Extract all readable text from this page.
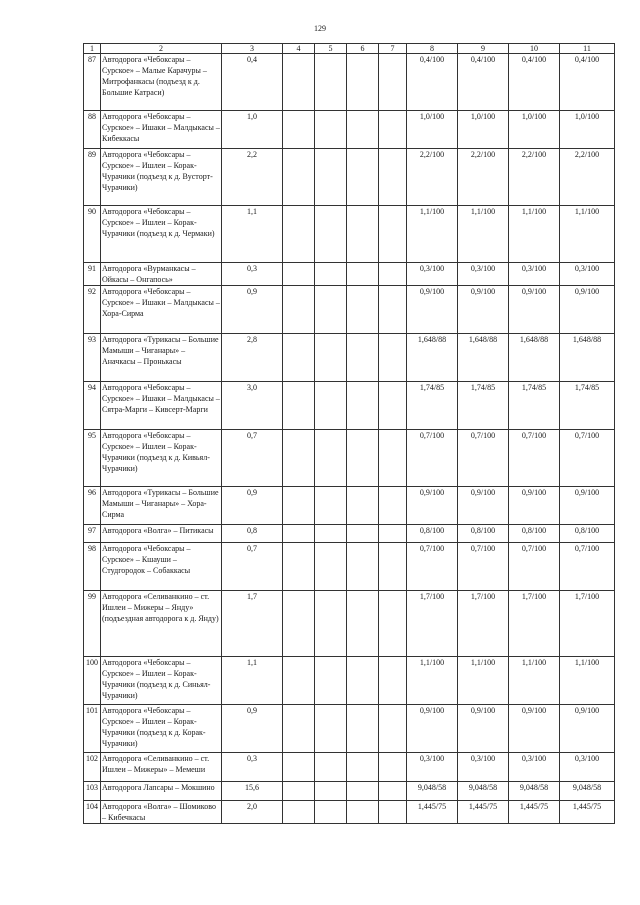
129
1	2	3	4	5	6	7	8	9	10	11
87	Автодорога «Чебоксары – Сурское» – Малые Карачуры – Митрофанкасы (подъезд к д. Большие Катраси)	0,4					0,4/100	0,4/100	0,4/100	0,4/100
88	Автодорога «Чебоксары – Сурское» – Ишаки – Малдыкасы – Кибеккасы	1,0					1,0/100	1,0/100	1,0/100	1,0/100
89	Автодорога «Чебоксары – Сурское» – Ишлеи – Корак-Чурачики (подъезд к д. Вусторт-Чурачики)	2,2					2,2/100	2,2/100	2,2/100	2,2/100
90	Автодорога «Чебоксары – Сурское» – Ишлеи – Корак-Чурачики (подъезд к д. Чермаки)	1,1					1,1/100	1,1/100	1,1/100	1,1/100
91	Автодорога «Вурманкасы – Ойкасы – Онгапось»	0,3					0,3/100	0,3/100	0,3/100	0,3/100
92	Автодорога «Чебоксары – Сурское» – Ишаки – Малдыкасы – Хора-Сирма	0,9					0,9/100	0,9/100	0,9/100	0,9/100
93	Автодорога «Турикасы – Большие Мамыши – Чиганары» – Аначкасы – Пронькасы	2,8					1,648/88	1,648/88	1,648/88	1,648/88
94	Автодорога «Чебоксары – Сурское» – Ишаки – Малдыкасы – Сятра-Марги – Кивсерт-Марги	3,0					1,74/85	1,74/85	1,74/85	1,74/85
95	Автодорога «Чебоксары – Сурское» – Ишлеи – Корак-Чурачики (подъезд к д. Кивьял-Чурачики)	0,7					0,7/100	0,7/100	0,7/100	0,7/100
96	Автодорога «Турикасы – Большие Мамыши – Чиганары» – Хора-Сирма	0,9					0,9/100	0,9/100	0,9/100	0,9/100
97	Автодорога «Волга» – Питикасы	0,8					0,8/100	0,8/100	0,8/100	0,8/100
98	Автодорога «Чебоксары – Сурское» – Кшауши – Студгородок – Собаккасы	0,7					0,7/100	0,7/100	0,7/100	0,7/100
99	Автодорога «Селиванкино – ст. Ишлеи – Мижеры – Янду» (подъездная автодорога к д. Янду)	1,7					1,7/100	1,7/100	1,7/100	1,7/100
100	Автодорога «Чебоксары – Сурское» – Ишлеи – Корак-Чурачики (подъезд к д. Синьял-Чурачики)	1,1					1,1/100	1,1/100	1,1/100	1,1/100
101	Автодорога «Чебоксары – Сурское» – Ишлеи – Корак-Чурачики (подъезд к д. Корак-Чурачики)	0,9					0,9/100	0,9/100	0,9/100	0,9/100
102	Автодорога «Селиванкино – ст. Ишлеи – Мижеры» – Мемеши	0,3					0,3/100	0,3/100	0,3/100	0,3/100
103	Автодорога Лапсары – Мокшино	15,6					9,048/58	9,048/58	9,048/58	9,048/58
104	Автодорога «Волга» – Шомиково – Кибечкасы	2,0					1,445/75	1,445/75	1,445/75	1,445/75
